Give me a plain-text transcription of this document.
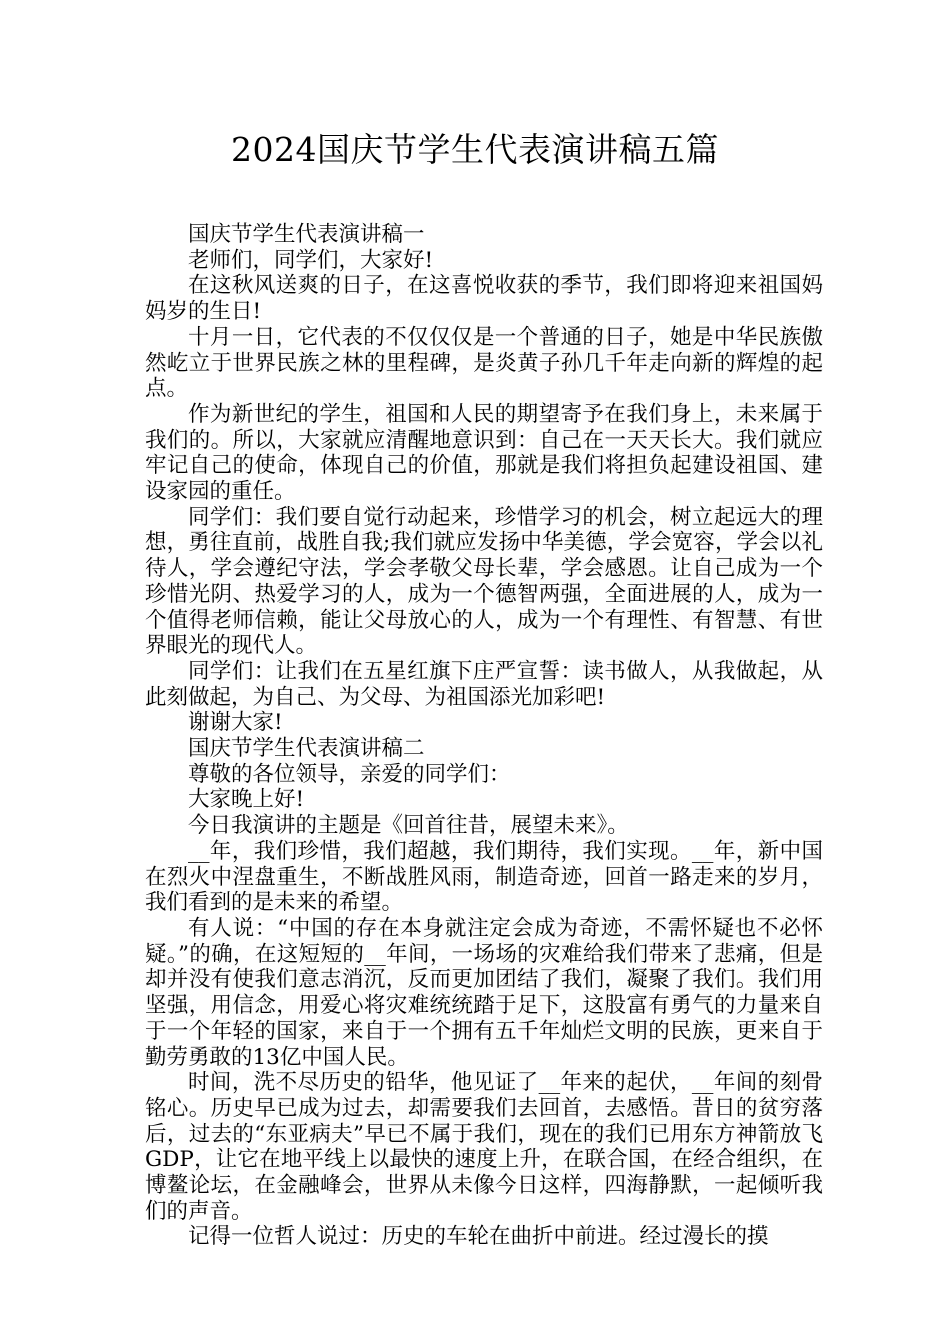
2024国庆节学生代表演讲稿五篇

国庆节学生代表演讲稿一

老师们，同学们，大家好!

在这秋风送爽的日子，在这喜悦收获的季节，我们即将迎来祖国妈妈岁的生日!

十月一日，它代表的不仅仅仅是一个普通的日子，她是中华民族傲然屹立于世界民族之林的里程碑，是炎黄子孙几千年走向新的辉煌的起点。

作为新世纪的学生，祖国和人民的期望寄予在我们身上，未来属于我们的。所以，大家就应清醒地意识到：自己在一天天长大。我们就应牢记自己的使命，体现自己的价值，那就是我们将担负起建设祖国、建设家园的重任。

同学们：我们要自觉行动起来，珍惜学习的机会，树立起远大的理想，勇往直前，战胜自我;我们就应发扬中华美德，学会宽容，学会以礼待人，学会遵纪守法，学会孝敬父母长辈，学会感恩。让自己成为一个珍惜光阴、热爱学习的人，成为一个德智两强，全面进展的人，成为一个值得老师信赖，能让父母放心的人，成为一个有理性、有智慧、有世界眼光的现代人。

同学们：让我们在五星红旗下庄严宣誓：读书做人，从我做起，从此刻做起，为自己、为父母、为祖国添光加彩吧!

谢谢大家!

国庆节学生代表演讲稿二

尊敬的各位领导，亲爱的同学们：

大家晚上好!

今日我演讲的主题是《回首往昔，展望未来》。

__年，我们珍惜，我们超越，我们期待，我们实现。__年，新中国在烈火中涅盘重生，不断战胜风雨，制造奇迹，回首一路走来的岁月，我们看到的是未来的希望。

有人说：“中国的存在本身就注定会成为奇迹，不需怀疑也不必怀疑。”的确，在这短短的__年间，一场场的灾难给我们带来了悲痛，但是却并没有使我们意志消沉，反而更加团结了我们，凝聚了我们。我们用坚强，用信念，用爱心将灾难统统踏于足下，这股富有勇气的力量来自于一个年轻的国家，来自于一个拥有五千年灿烂文明的民族，更来自于勤劳勇敢的13亿中国人民。

时间，洗不尽历史的铅华，他见证了__年来的起伏，__年间的刻骨铭心。历史早已成为过去，却需要我们去回首，去感悟。昔日的贫穷落后，过去的“东亚病夫”早已不属于我们，现在的我们已用东方神箭放飞GDP，让它在地平线上以最快的速度上升，在联合国，在经合组织，在博鳌论坛，在金融峰会，世界从未像今日这样，四海静默，一起倾听我们的声音。

记得一位哲人说过：历史的车轮在曲折中前进。经过漫长的摸
